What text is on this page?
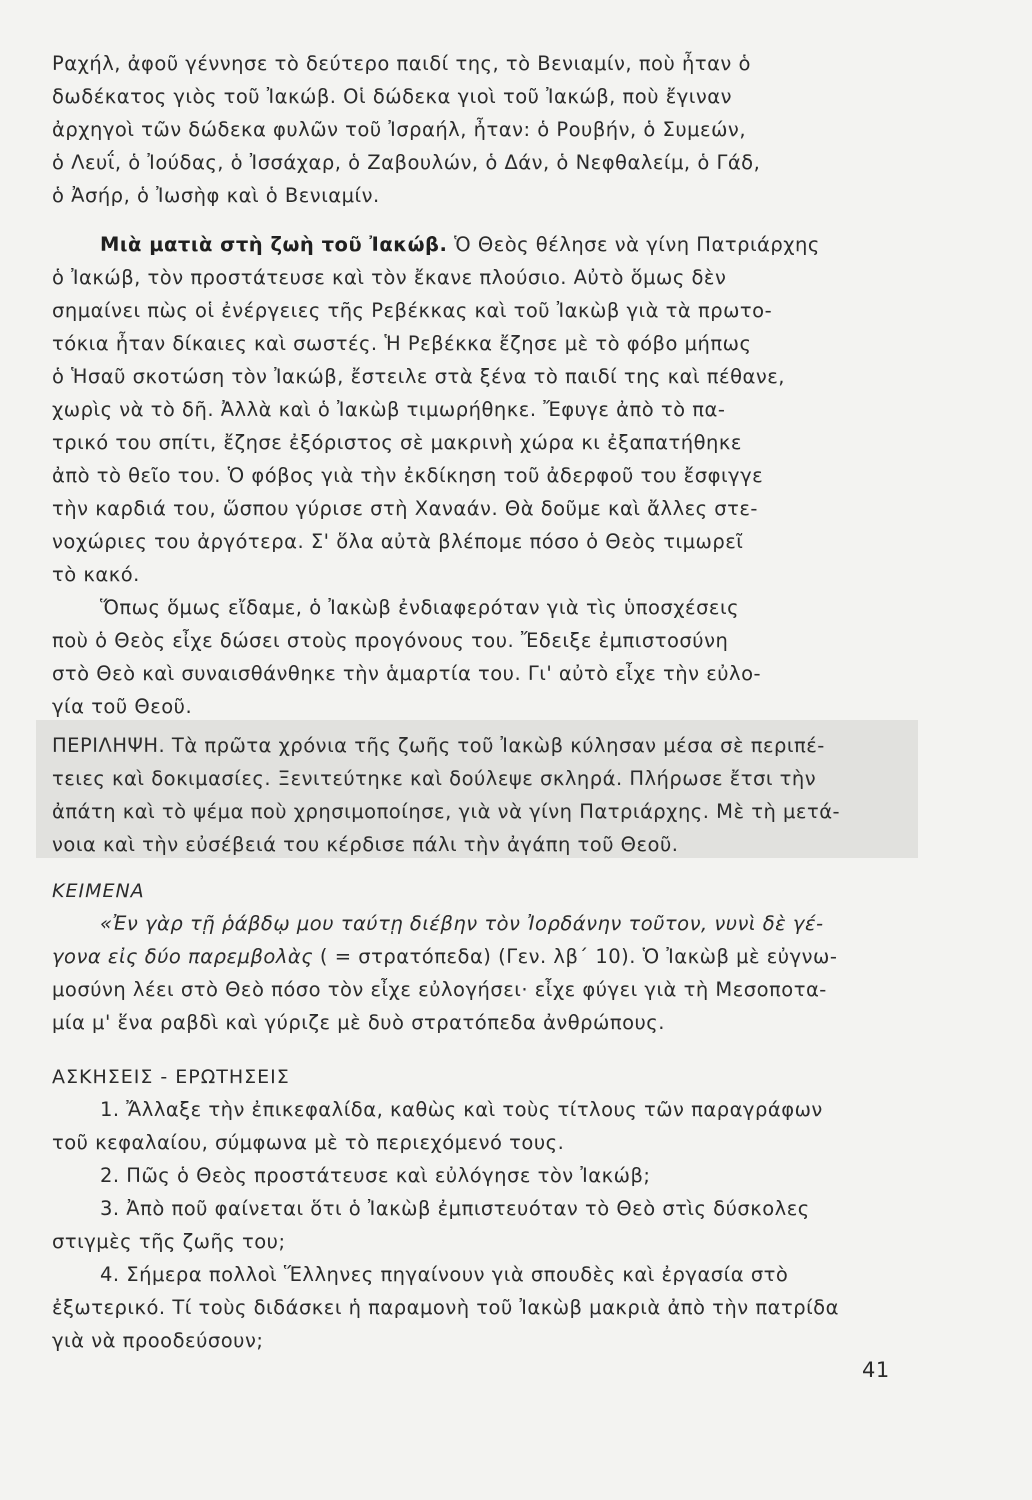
Ραχήλ, ἀφοῦ γέννησε τὸ δεύτερο παιδί της, τὸ Βενιαμίν, ποὺ ἦταν ὁ
δωδέκατος γιὸς τοῦ Ἰακώβ. Οἱ δώδεκα γιοὶ τοῦ Ἰακώβ, ποὺ ἔγιναν
ἀρχηγοὶ τῶν δώδεκα φυλῶν τοῦ Ἰσραήλ, ἦταν: ὁ Ρουβήν, ὁ Συμεών,
ὁ Λευΐ, ὁ Ἰούδας, ὁ Ἰσσάχαρ, ὁ Ζαβουλών, ὁ Δάν, ὁ Νεφθαλείμ, ὁ Γάδ,
ὁ Ἀσήρ, ὁ Ἰωσὴφ καὶ ὁ Βενιαμίν.
Μιὰ ματιὰ στὴ ζωὴ τοῦ Ἰακώβ. Ὁ Θεὸς θέλησε νὰ γίνη Πατριάρχης
ὁ Ἰακώβ, τὸν προστάτευσε καὶ τὸν ἔκανε πλούσιο. Αὐτὸ ὅμως δὲν
σημαίνει πὼς οἱ ἐνέργειες τῆς Ρεβέκκας καὶ τοῦ Ἰακὼβ γιὰ τὰ πρωτο-
τόκια ἦταν δίκαιες καὶ σωστές. Ἡ Ρεβέκκα ἔζησε μὲ τὸ φόβο μήπως
ὁ Ἡσαῦ σκοτώση τὸν Ἰακώβ, ἔστειλε στὰ ξένα τὸ παιδί της καὶ πέθανε,
χωρὶς νὰ τὸ δῆ. Ἀλλὰ καὶ ὁ Ἰακὼβ τιμωρήθηκε. Ἔφυγε ἀπὸ τὸ πα-
τρικό του σπίτι, ἔζησε ἐξόριστος σὲ μακρινὴ χώρα κι ἐξαπατήθηκε
ἀπὸ τὸ θεῖο του. Ὁ φόβος γιὰ τὴν ἐκδίκηση τοῦ ἀδερφοῦ του ἔσφιγγε
τὴν καρδιά του, ὥσπου γύρισε στὴ Χαναάν. Θὰ δοῦμε καὶ ἄλλες στε-
νοχώριες του ἀργότερα. Σ' ὅλα αὐτὰ βλέπομε πόσο ὁ Θεὸς τιμωρεῖ
τὸ κακό.
Ὅπως ὅμως εἴδαμε, ὁ Ἰακὼβ ἐνδιαφερόταν γιὰ τὶς ὑποσχέσεις
ποὺ ὁ Θεὸς εἶχε δώσει στοὺς προγόνους του. Ἔδειξε ἐμπιστοσύνη
στὸ Θεὸ καὶ συναισθάνθηκε τὴν ἁμαρτία του. Γι' αὐτὸ εἶχε τὴν εὐλο-
γία τοῦ Θεοῦ.
ΠΕΡΙΛΗΨΗ. Τὰ πρῶτα χρόνια τῆς ζωῆς τοῦ Ἰακὼβ κύλησαν μέσα σὲ περιπέ-
τειες καὶ δοκιμασίες. Ξενιτεύτηκε καὶ δούλεψε σκληρά. Πλήρωσε ἔτσι τὴν
ἀπάτη καὶ τὸ ψέμα ποὺ χρησιμοποίησε, γιὰ νὰ γίνη Πατριάρχης. Μὲ τὴ μετά-
νοια καὶ τὴν εὐσέβειά του κέρδισε πάλι τὴν ἀγάπη τοῦ Θεοῦ.
ΚΕΙΜΕΝΑ
«Ἐν γὰρ τῇ ῥάβδῳ μου ταύτῃ διέβην τὸν Ἰορδάνην τοῦτον, νυνὶ δὲ γέ-
γονα εἰς δύο παρεμβολὰς ( = στρατόπεδα) (Γεν. λβ΄ 10). Ὁ Ἰακὼβ μὲ εὐγνω-
μοσύνη λέει στὸ Θεὸ πόσο τὸν εἶχε εὐλογήσει· εἶχε φύγει γιὰ τὴ Μεσοποτα-
μία μ' ἕνα ραβδὶ καὶ γύριζε μὲ δυὸ στρατόπεδα ἀνθρώπους.
ΑΣΚΗΣΕΙΣ - ΕΡΩΤΗΣΕΙΣ
1. Ἄλλαξε τὴν ἐπικεφαλίδα, καθὼς καὶ τοὺς τίτλους τῶν παραγράφων
τοῦ κεφαλαίου, σύμφωνα μὲ τὸ περιεχόμενό τους.
2. Πῶς ὁ Θεὸς προστάτευσε καὶ εὐλόγησε τὸν Ἰακώβ;
3. Ἀπὸ ποῦ φαίνεται ὅτι ὁ Ἰακὼβ ἐμπιστευόταν τὸ Θεὸ στὶς δύσκολες
στιγμὲς τῆς ζωῆς του;
4. Σήμερα πολλοὶ Ἕλληνες πηγαίνουν γιὰ σπουδὲς καὶ ἐργασία στὸ
ἐξωτερικό. Τί τοὺς διδάσκει ἡ παραμονὴ τοῦ Ἰακὼβ μακριὰ ἀπὸ τὴν πατρίδα
γιὰ νὰ προοδεύσουν;
41
